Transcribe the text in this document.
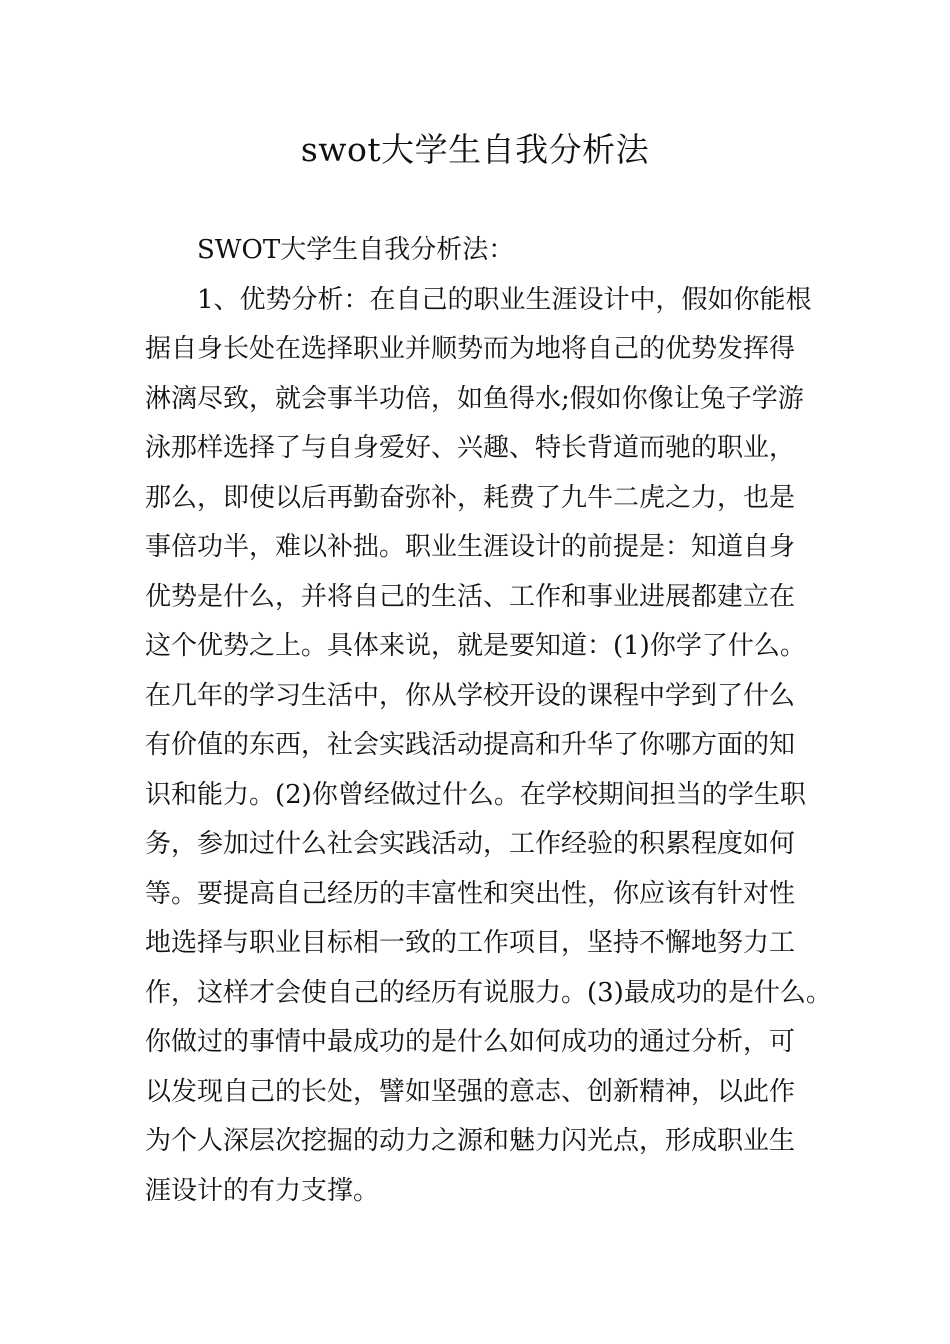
swot大学生自我分析法
SWOT大学生自我分析法：
1、优势分析：在自己的职业生涯设计中，假如你能根
据自身长处在选择职业并顺势而为地将自己的优势发挥得
淋漓尽致，就会事半功倍，如鱼得水;假如你像让兔子学游
泳那样选择了与自身爱好、兴趣、特长背道而驰的职业，
那么，即使以后再勤奋弥补，耗费了九牛二虎之力，也是
事倍功半，难以补拙。职业生涯设计的前提是：知道自身
优势是什么，并将自己的生活、工作和事业进展都建立在
这个优势之上。具体来说，就是要知道：(1)你学了什么。
在几年的学习生活中，你从学校开设的课程中学到了什么
有价值的东西，社会实践活动提高和升华了你哪方面的知
识和能力。(2)你曾经做过什么。在学校期间担当的学生职
务，参加过什么社会实践活动，工作经验的积累程度如何
等。要提高自己经历的丰富性和突出性，你应该有针对性
地选择与职业目标相一致的工作项目，坚持不懈地努力工
作，这样才会使自己的经历有说服力。(3)最成功的是什么。
你做过的事情中最成功的是什么如何成功的通过分析，可
以发现自己的长处，譬如坚强的意志、创新精神，以此作
为个人深层次挖掘的动力之源和魅力闪光点，形成职业生
涯设计的有力支撑。
